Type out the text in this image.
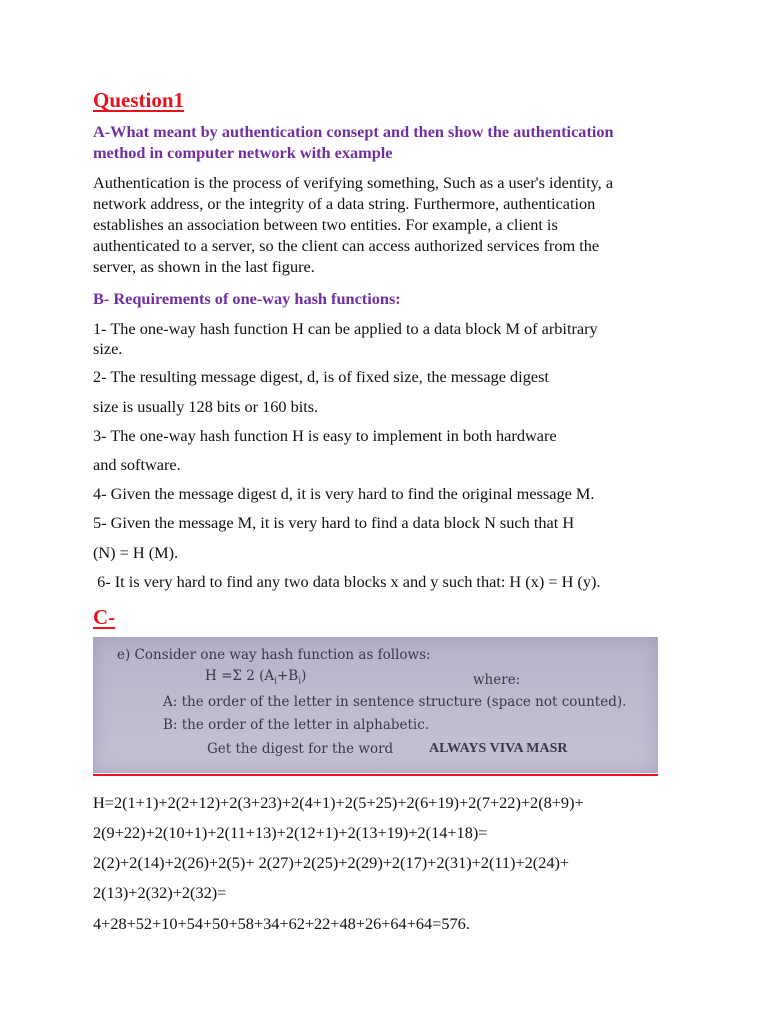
Question1
A-What meant by authentication consept and then show the authentication
method in computer network with example
Authentication is the process of verifying something, Such as a user's identity, a
network address, or the integrity of a data string. Furthermore, authentication
establishes an association between two entities. For example, a client is
authenticated to a server, so the client can access authorized services from the
server, as shown in the last figure.
B- Requirements of one-way hash functions:
1- The one-way hash function H can be applied to a data block M of arbitrary
size.
2- The resulting message digest, d, is of fixed size, the message digest
size is usually 128 bits or 160 bits.
3- The one-way hash function H is easy to implement in both hardware
and software.
4- Given the message digest d, it is very hard to find the original message M.
5- Given the message M, it is very hard to find a data block N such that H
(N) = H (M).
6- It is very hard to find any two data blocks x and y such that: H (x) = H (y).
C-
e) Consider one way hash function as follows:
H =Σ 2 $(A_i+B_i)$	where:
A: the order of the letter in sentence structure (space not counted).
B: the order of the letter in alphabetic.
Get the digest for the word	ALWAYS VIVA MASR
H=2(1+1)+2(2+12)+2(3+23)+2(4+1)+2(5+25)+2(6+19)+2(7+22)+2(8+9)+
2(9+22)+2(10+1)+2(11+13)+2(12+1)+2(13+19)+2(14+18)=
2(2)+2(14)+2(26)+2(5)+ 2(27)+2(25)+2(29)+2(17)+2(31)+2(11)+2(24)+
2(13)+2(32)+2(32)=
4+28+52+10+54+50+58+34+62+22+48+26+64+64=576.
